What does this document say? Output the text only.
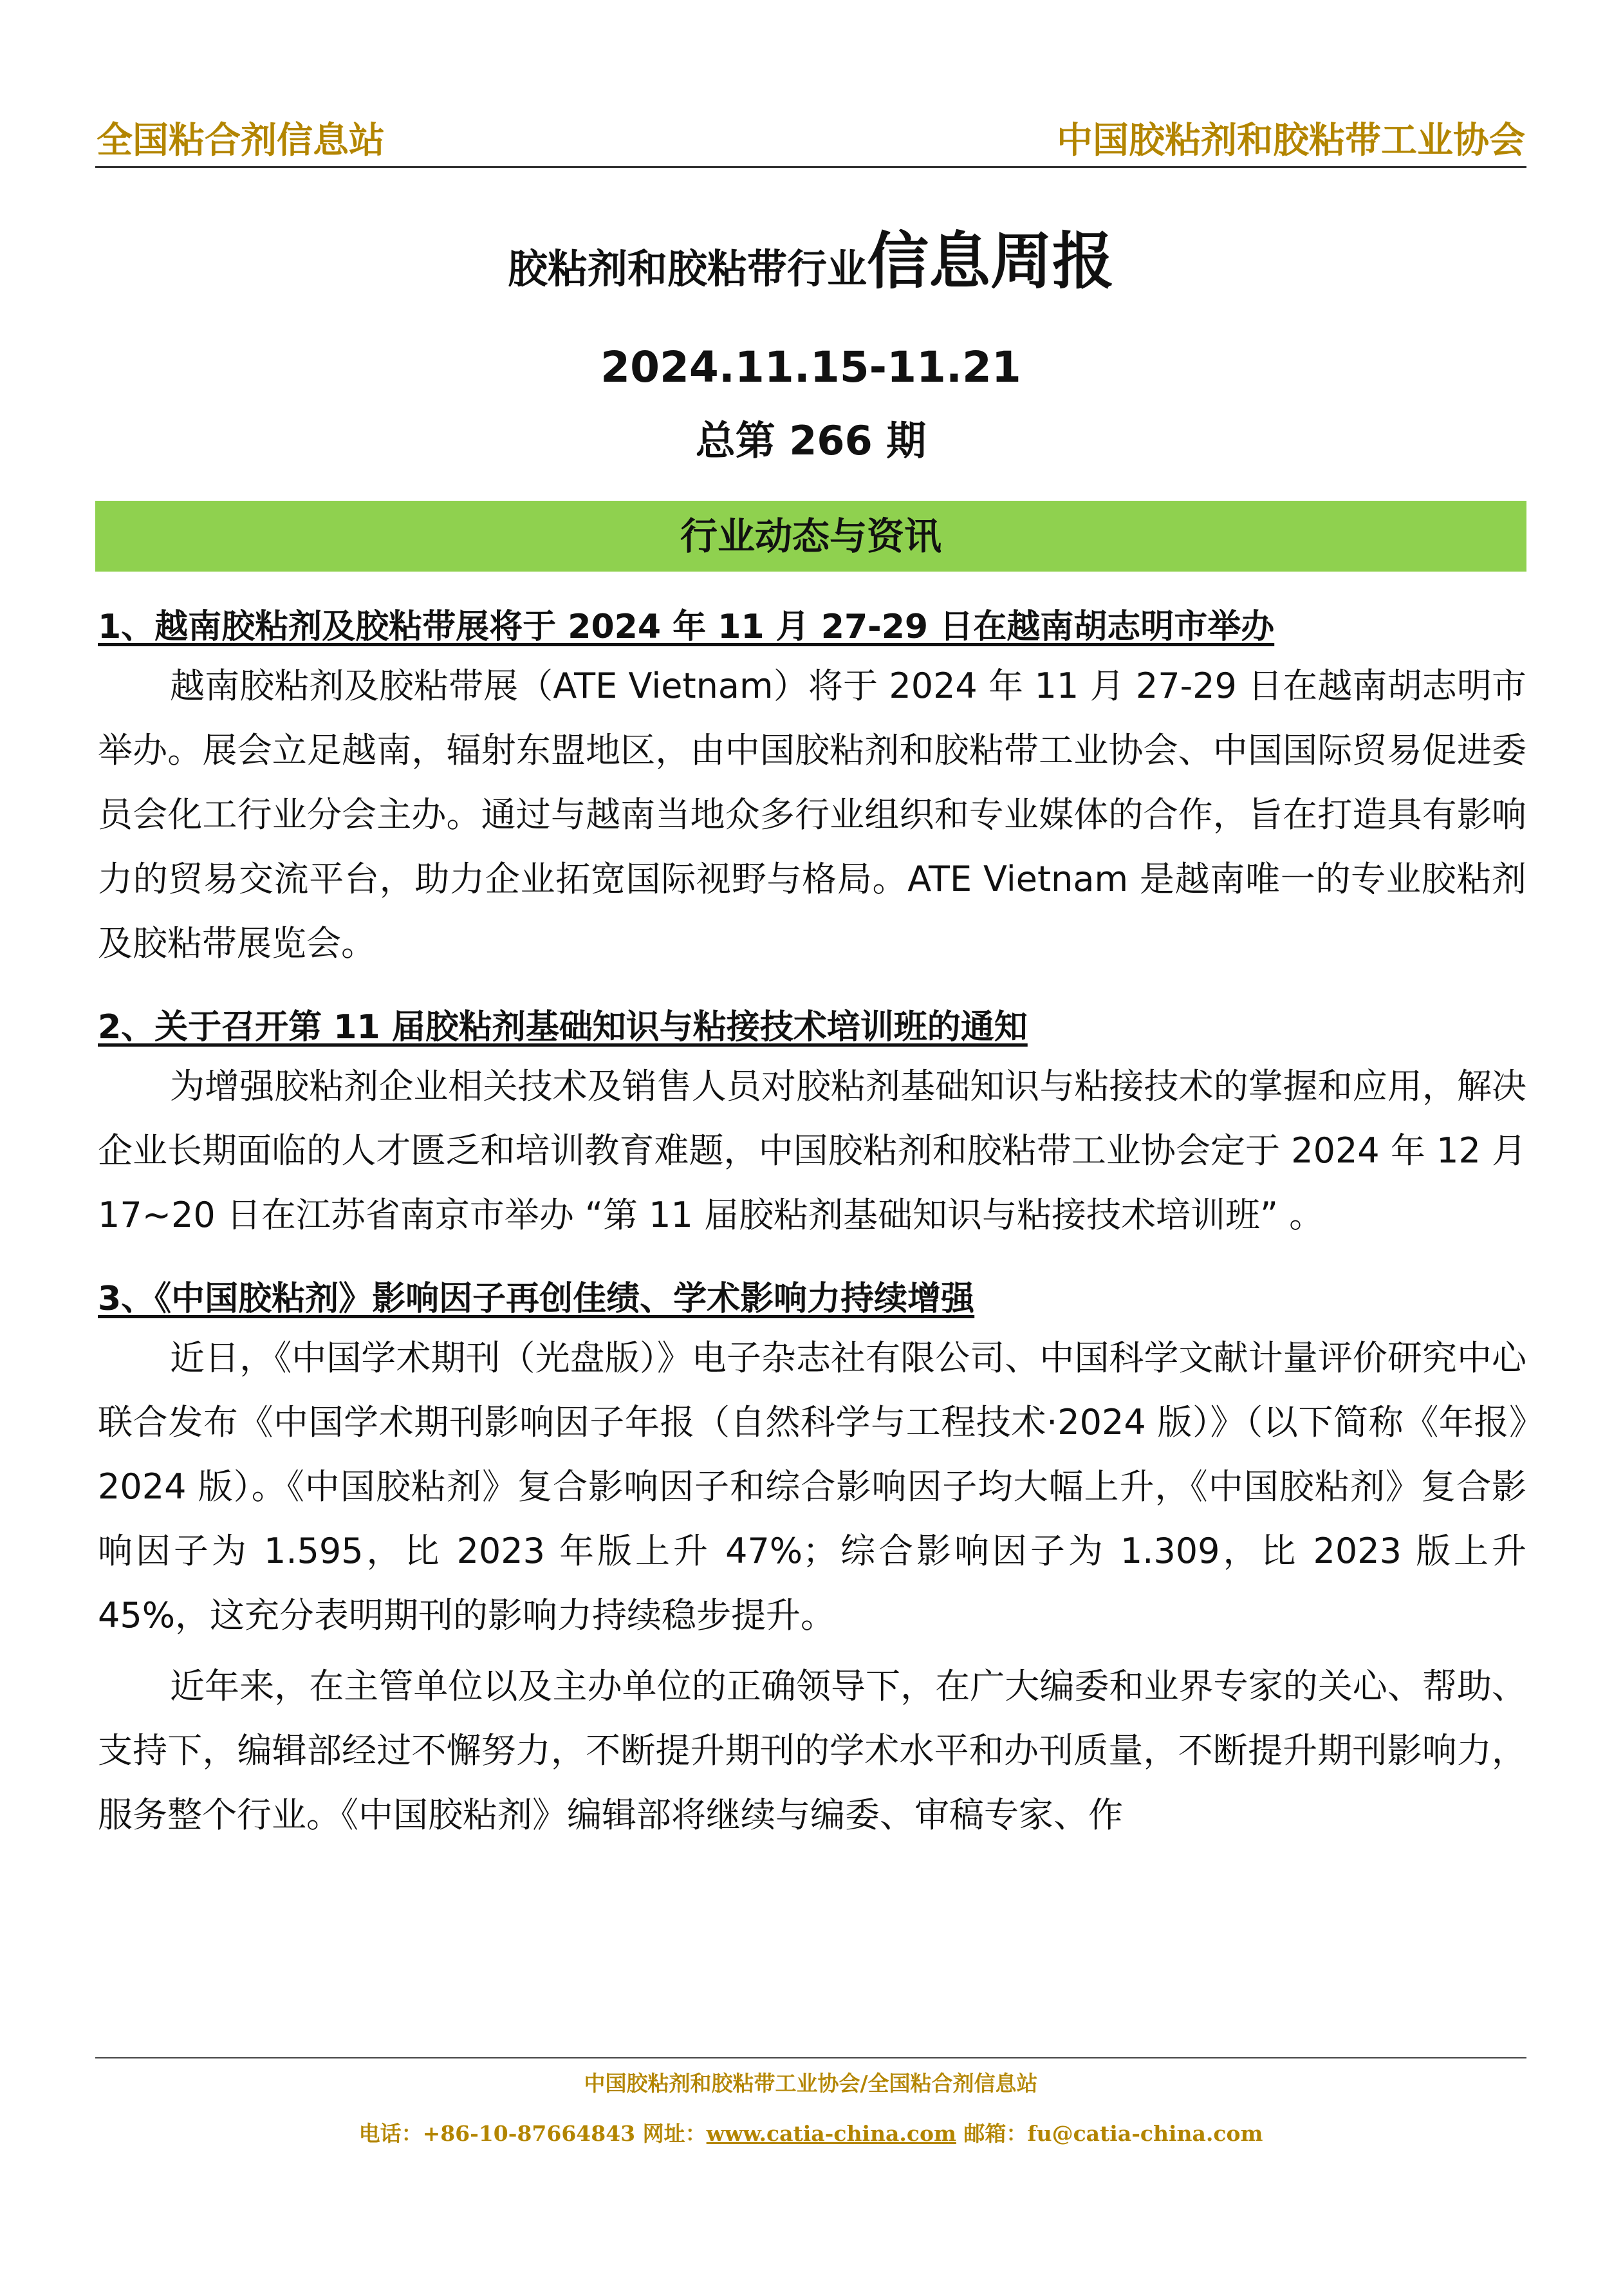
全国粘合剂信息站	中国胶粘剂和胶粘带工业协会
胶粘剂和胶粘带行业信息周报
2024.11.15-11.21
总第 266 期
行业动态与资讯

1、越南胶粘剂及胶粘带展将于 2024 年 11 月 27-29 日在越南胡志明市举办

越南胶粘剂及胶粘带展（ATE Vietnam）将于 2024 年 11 月 27-29 日在越南胡志明市举办。展会立足越南，辐射东盟地区，由中国胶粘剂和胶粘带工业协会、中国国际贸易促进委员会化工行业分会主办。通过与越南当地众多行业组织和专业媒体的合作，旨在打造具有影响力的贸易交流平台，助力企业拓宽国际视野与格局。ATE Vietnam 是越南唯一的专业胶粘剂及胶粘带展览会。

2、关于召开第 11 届胶粘剂基础知识与粘接技术培训班的通知

为增强胶粘剂企业相关技术及销售人员对胶粘剂基础知识与粘接技术的掌握和应用，解决企业长期面临的人才匮乏和培训教育难题，中国胶粘剂和胶粘带工业协会定于 2024 年 12 月 17~20 日在江苏省南京市举办 “第 11 届胶粘剂基础知识与粘接技术培训班” 。

3、《中国胶粘剂》影响因子再创佳绩、学术影响力持续增强

近日，《中国学术期刊（光盘版）》电子杂志社有限公司、中国科学文献计量评价研究中心联合发布《中国学术期刊影响因子年报（自然科学与工程技术·2024 版）》（以下简称《年报》2024 版）。《中国胶粘剂》复合影响因子和综合影响因子均大幅上升，《中国胶粘剂》复合影响因子为 1.595，比 2023 年版上升 47%；综合影响因子为 1.309，比 2023 版上升 45%，这充分表明期刊的影响力持续稳步提升。

近年来，在主管单位以及主办单位的正确领导下，在广大编委和业界专家的关心、帮助、支持下，编辑部经过不懈努力，不断提升期刊的学术水平和办刊质量，不断提升期刊影响力，服务整个行业。《中国胶粘剂》编辑部将继续与编委、审稿专家、作

中国胶粘剂和胶粘带工业协会/全国粘合剂信息站
电话：+86-10-87664843 网址：www.catia-china.com 邮箱：fu@catia-china.com
